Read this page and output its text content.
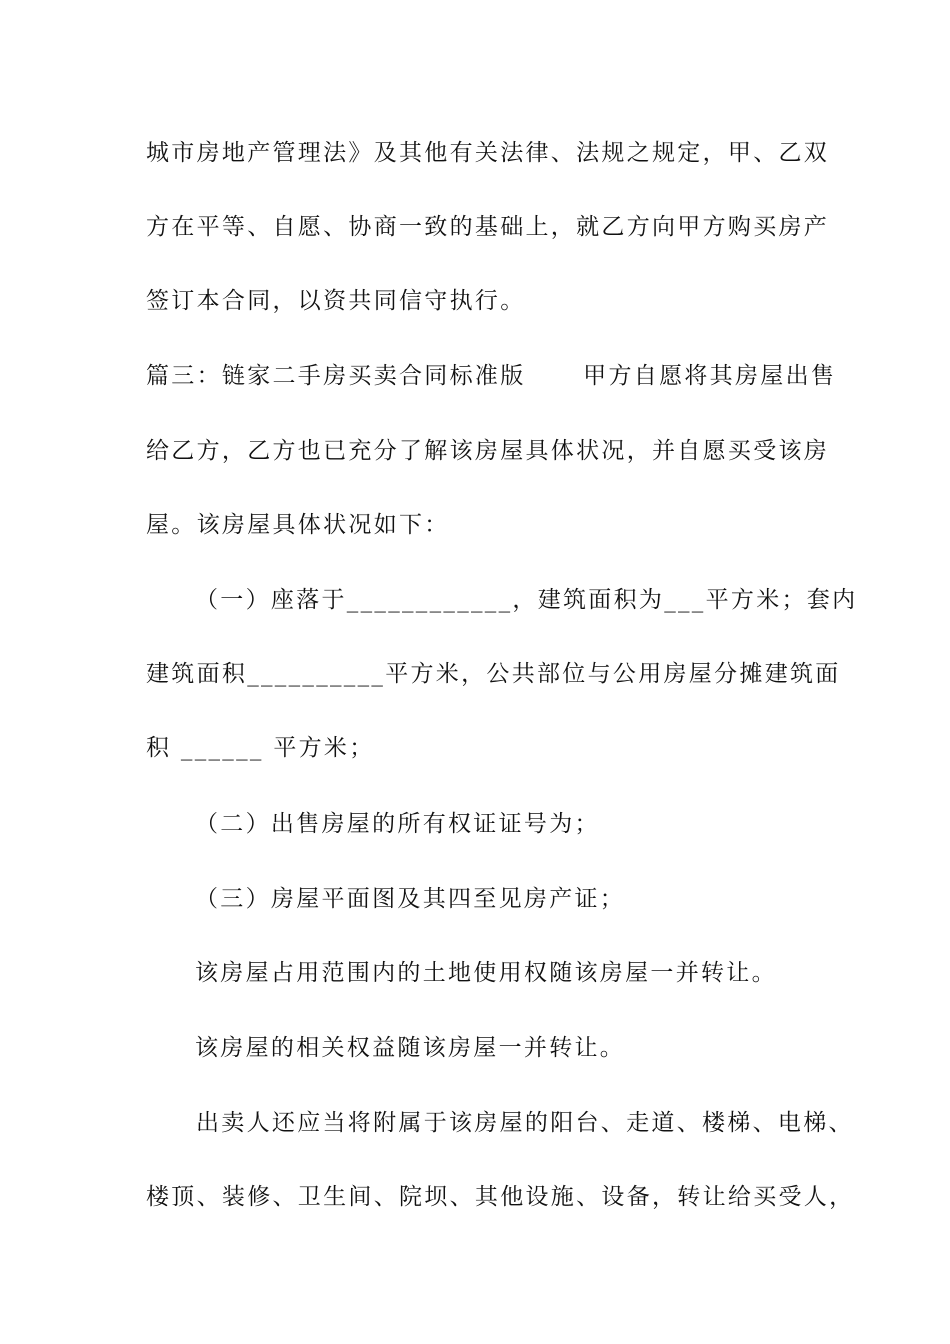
城市房地产管理法》及其他有关法律、法规之规定，甲、乙双
方在平等、自愿、协商一致的基础上，就乙方向甲方购买房产
签订本合同，以资共同信守执行。
篇三：链家二手房买卖合同标准版      甲方自愿将其房屋出售
给乙方，乙方也已充分了解该房屋具体状况，并自愿买受该房
屋。该房屋具体状况如下：
（一）座落于____________，建筑面积为___平方米；套内
建筑面积__________平方米，公共部位与公用房屋分摊建筑面
积 ______ 平方米；
（二）出售房屋的所有权证证号为；
（三）房屋平面图及其四至见房产证；
该房屋占用范围内的土地使用权随该房屋一并转让。
该房屋的相关权益随该房屋一并转让。
出卖人还应当将附属于该房屋的阳台、走道、楼梯、电梯、
楼顶、装修、卫生间、院坝、其他设施、设备，转让给买受人，
